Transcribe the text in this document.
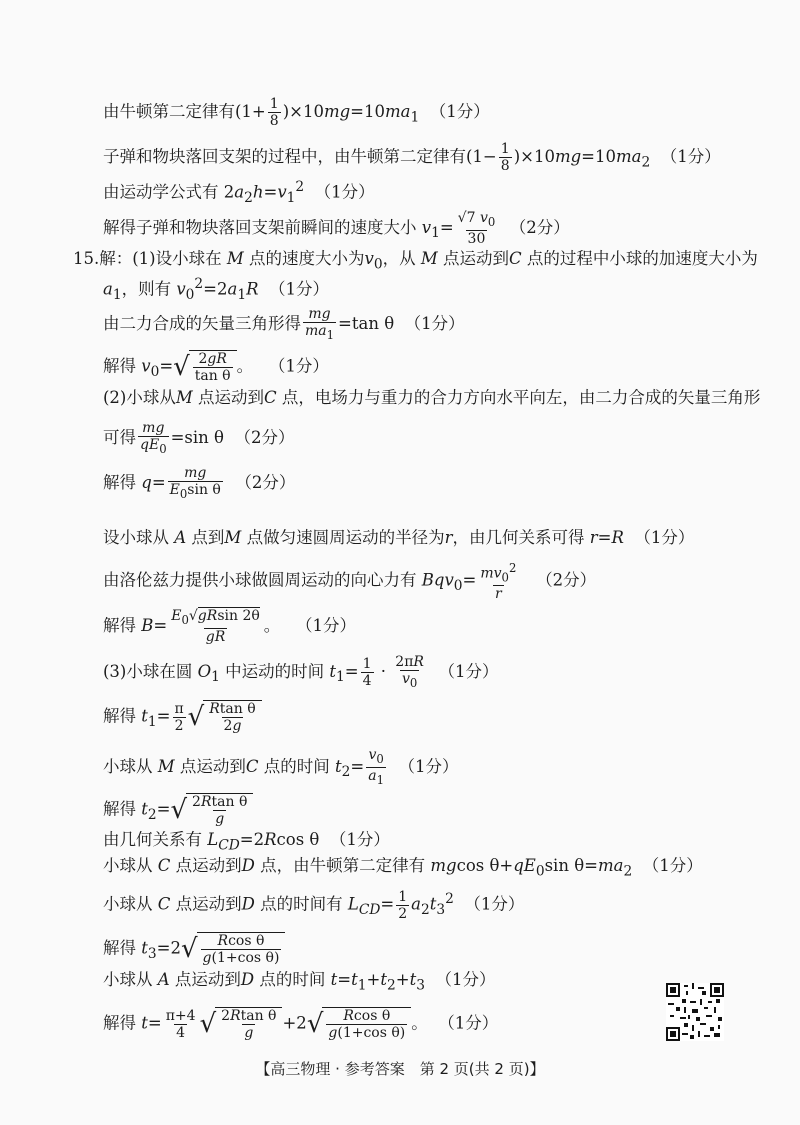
由牛顿第二定律有$(1+ \frac{1}{8} )\times 10mg=10ma_1$ （1分）
子弹和物块落回支架的过程中，由牛顿第二定律有$(1- \frac{1}{8} )\times 10mg=10ma_2$ （1分）
由运动学公式有 $2a_2h=v_1^2$ （1分）
解得子弹和物块落回支架前瞬间的速度大小 $v_1= \frac{√7 v_0}{30} (2$分）
15.解：(1)设小球在 M 点的速度大小为$v_0$，从 M 点运动到C 点的过程中小球的加速度大小为
$a_1$，则有 $v_0^2=2a_1R$ （1分）
由二力合成的矢量三角形得 $\frac{mg}{ma_1} =\tan$ θ （1分）
解得 $v_0=$ √ $\frac{2gR}{\text{tan θ}}$ 。 （1分）
(2)小球从M 点运动到C 点，电场力与重力的合力方向水平向左，由二力合成的矢量三角形
可得 $\frac{mg}{qE_0} =\sin$ θ （2分）
解得 $q= \frac{mg}{E_0\sin \theta} (2$分）
设小球从 A 点到M 点做匀速圆周运动的半径为r，由几何关系可得 r=R （1分）
由洛伦兹力提供小球做圆周运动的向心力有 $Bqv_0= \frac{mv_0^2}{r} (2$分）
解得 $B= \frac{E_0√gRsin 2\theta}{gR}$ 。 （1分）
(3)小球在圆 $O_1$ 中运动的时间 $t_1= \frac{1}{4} \cdot \frac{2\pi R}{v_0} (1$分）
解得 $t_1= \frac{\pi}{2}$ √ $\frac{\text{Rtan θ}}{2g}$
小球从 M 点运动到C 点的时间 $t_2= \frac{v_0}{a_1} (1$分）
解得 $t_2=$ √ $\frac{\text{2Rtan θ}}{g}$
由几何关系有 $L_{CD}=2Rcos$ θ  （1分）
小球从 C 点运动到D 点，由牛顿第二定律有 mgcos $\theta+qE_0\sin$ $\theta=ma_2$ （1分）
小球从 C 点运动到D 点的时间有 $L_{CD}= \frac{1}{2} a_2t_3^2$ （1分）
解得 $t_3=2$ √ $\frac{\text{Rcos θ}}{\text{g(1+cos θ)}}$
小球从 A 点运动到D 点的时间 $t=t_1+t_2+t_3$ （1分）
解得 $t= \frac{\pi+4}{4}$ √ $\frac{\text{2Rtan θ}}{g} +2$ √ $\frac{\text{Rcos θ}}{\text{g(1+cos θ)}}$ 。 （1分）
【高三物理 · 参考答案　第 2 页(共 2 页)】
